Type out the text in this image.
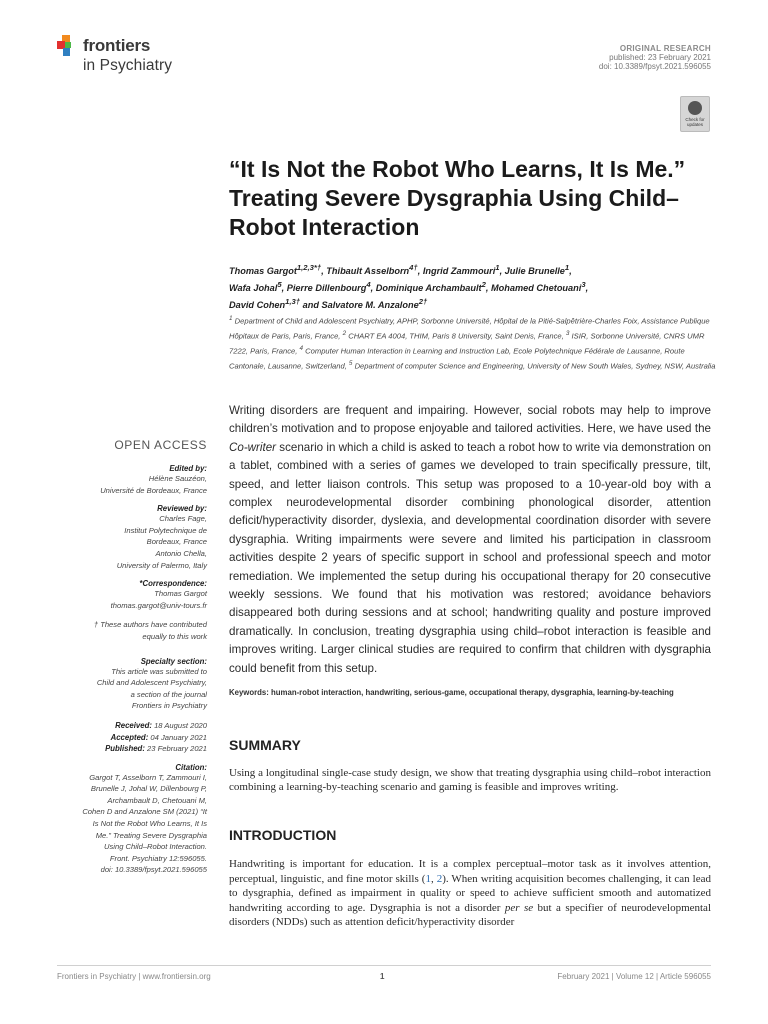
frontiers
in Psychiatry
ORIGINAL RESEARCH
published: 23 February 2021
doi: 10.3389/fpsyt.2021.596055
Check for updates
“It Is Not the Robot Who Learns, It Is Me.” Treating Severe Dysgraphia Using Child–Robot Interaction
Thomas Gargot$^{1,2,3*\dagger}$, Thibault Asselborn$^{4\dagger}$, Ingrid Zammouri$^1$, Julie Brunelle$^1$,
Wafa Johal$^5$, Pierre Dillenbourg$^4$, Dominique Archambault$^2$, Mohamed Chetouani$^3$,
David Cohen$^{1,3\dagger}$ and Salvatore M. Anzalone$^{2\dagger}$
$^1$ Department of Child and Adolescent Psychiatry, APHP, Sorbonne Université, Hôpital de la Pitié-Salpêtrière-Charles Foix, Assistance Publique Hôpitaux de Paris, Paris, France, $^2$ CHART EA 4004, THIM, Paris 8 University, Saint Denis, France, $^3$ ISIR, Sorbonne Université, CNRS UMR 7222, Paris, France, $^4$ Computer Human Interaction in Learning and Instruction Lab, Ecole Polytechnique Fédérale de Lausanne, Route Cantonale, Lausanne, Switzerland, $^5$ Department of computer Science and Engineering, University of New South Wales, Sydney, NSW, Australia

Writing disorders are frequent and impairing. However, social robots may help to improve children’s motivation and to propose enjoyable and tailored activities. Here, we have used the Co-writer scenario in which a child is asked to teach a robot how to write via demonstration on a tablet, combined with a series of games we developed to train specifically pressure, tilt, speed, and letter liaison controls. This setup was proposed to a 10-year-old boy with a complex neurodevelopmental disorder combining phonological disorder, attention deficit/hyperactivity disorder, dyslexia, and developmental coordination disorder with severe dysgraphia. Writing impairments were severe and limited his participation in classroom activities despite 2 years of specific support in school and professional speech and motor remediation. We implemented the setup during his occupational therapy for 20 consecutive weekly sessions. We found that his motivation was restored; avoidance behaviors disappeared both during sessions and at school; handwriting quality and posture improved dramatically. In conclusion, treating dysgraphia using child–robot interaction is feasible and improves writing. Larger clinical studies are required to confirm that children with dysgraphia could benefit from this setup.

Keywords: human-robot interaction, handwriting, serious-game, occupational therapy, dysgraphia, learning-by-teaching
SUMMARY

Using a longitudinal single-case study design, we show that treating dysgraphia using child–robot interaction combining a learning-by-teaching scenario and gaming is feasible and improves writing.

INTRODUCTION

Handwriting is important for education. It is a complex perceptual–motor task as it involves attention, perceptual, linguistic, and fine motor skills (1, 2). When writing acquisition becomes challenging, it can lead to dysgraphia, defined as impairment in quality or speed to achieve sufficient smooth and automatized handwriting according to age. Dysgraphia is not a disorder per se but a specifier of neurodevelopmental disorders (NDDs) such as attention deficit/hyperactivity disorder

OPEN ACCESS
Edited by:
Hélène Sauzéon,
Université de Bordeaux, France
Reviewed by:
Charles Fage,
Institut Polytechnique de
Bordeaux, France
Antonio Chella,
University of Palermo, Italy
*Correspondence:
Thomas Gargot
thomas.gargot@univ-tours.fr
† These authors have contributed
equally to this work
Specialty section:
This article was submitted to
Child and Adolescent Psychiatry,
a section of the journal
Frontiers in Psychiatry
Received: 18 August 2020
Accepted: 04 January 2021
Published: 23 February 2021
Citation:
Gargot T, Asselborn T, Zammouri I,
Brunelle J, Johal W, Dillenbourg P,
Archambault D, Chetouani M,
Cohen D and Anzalone SM (2021) “It
Is Not the Robot Who Learns, It Is
Me.” Treating Severe Dysgraphia
Using Child–Robot Interaction.
Front. Psychiatry 12:596055.
doi: 10.3389/fpsyt.2021.596055
Frontiers in Psychiatry | www.frontiersin.org	1	February 2021 | Volume 12 | Article 596055
